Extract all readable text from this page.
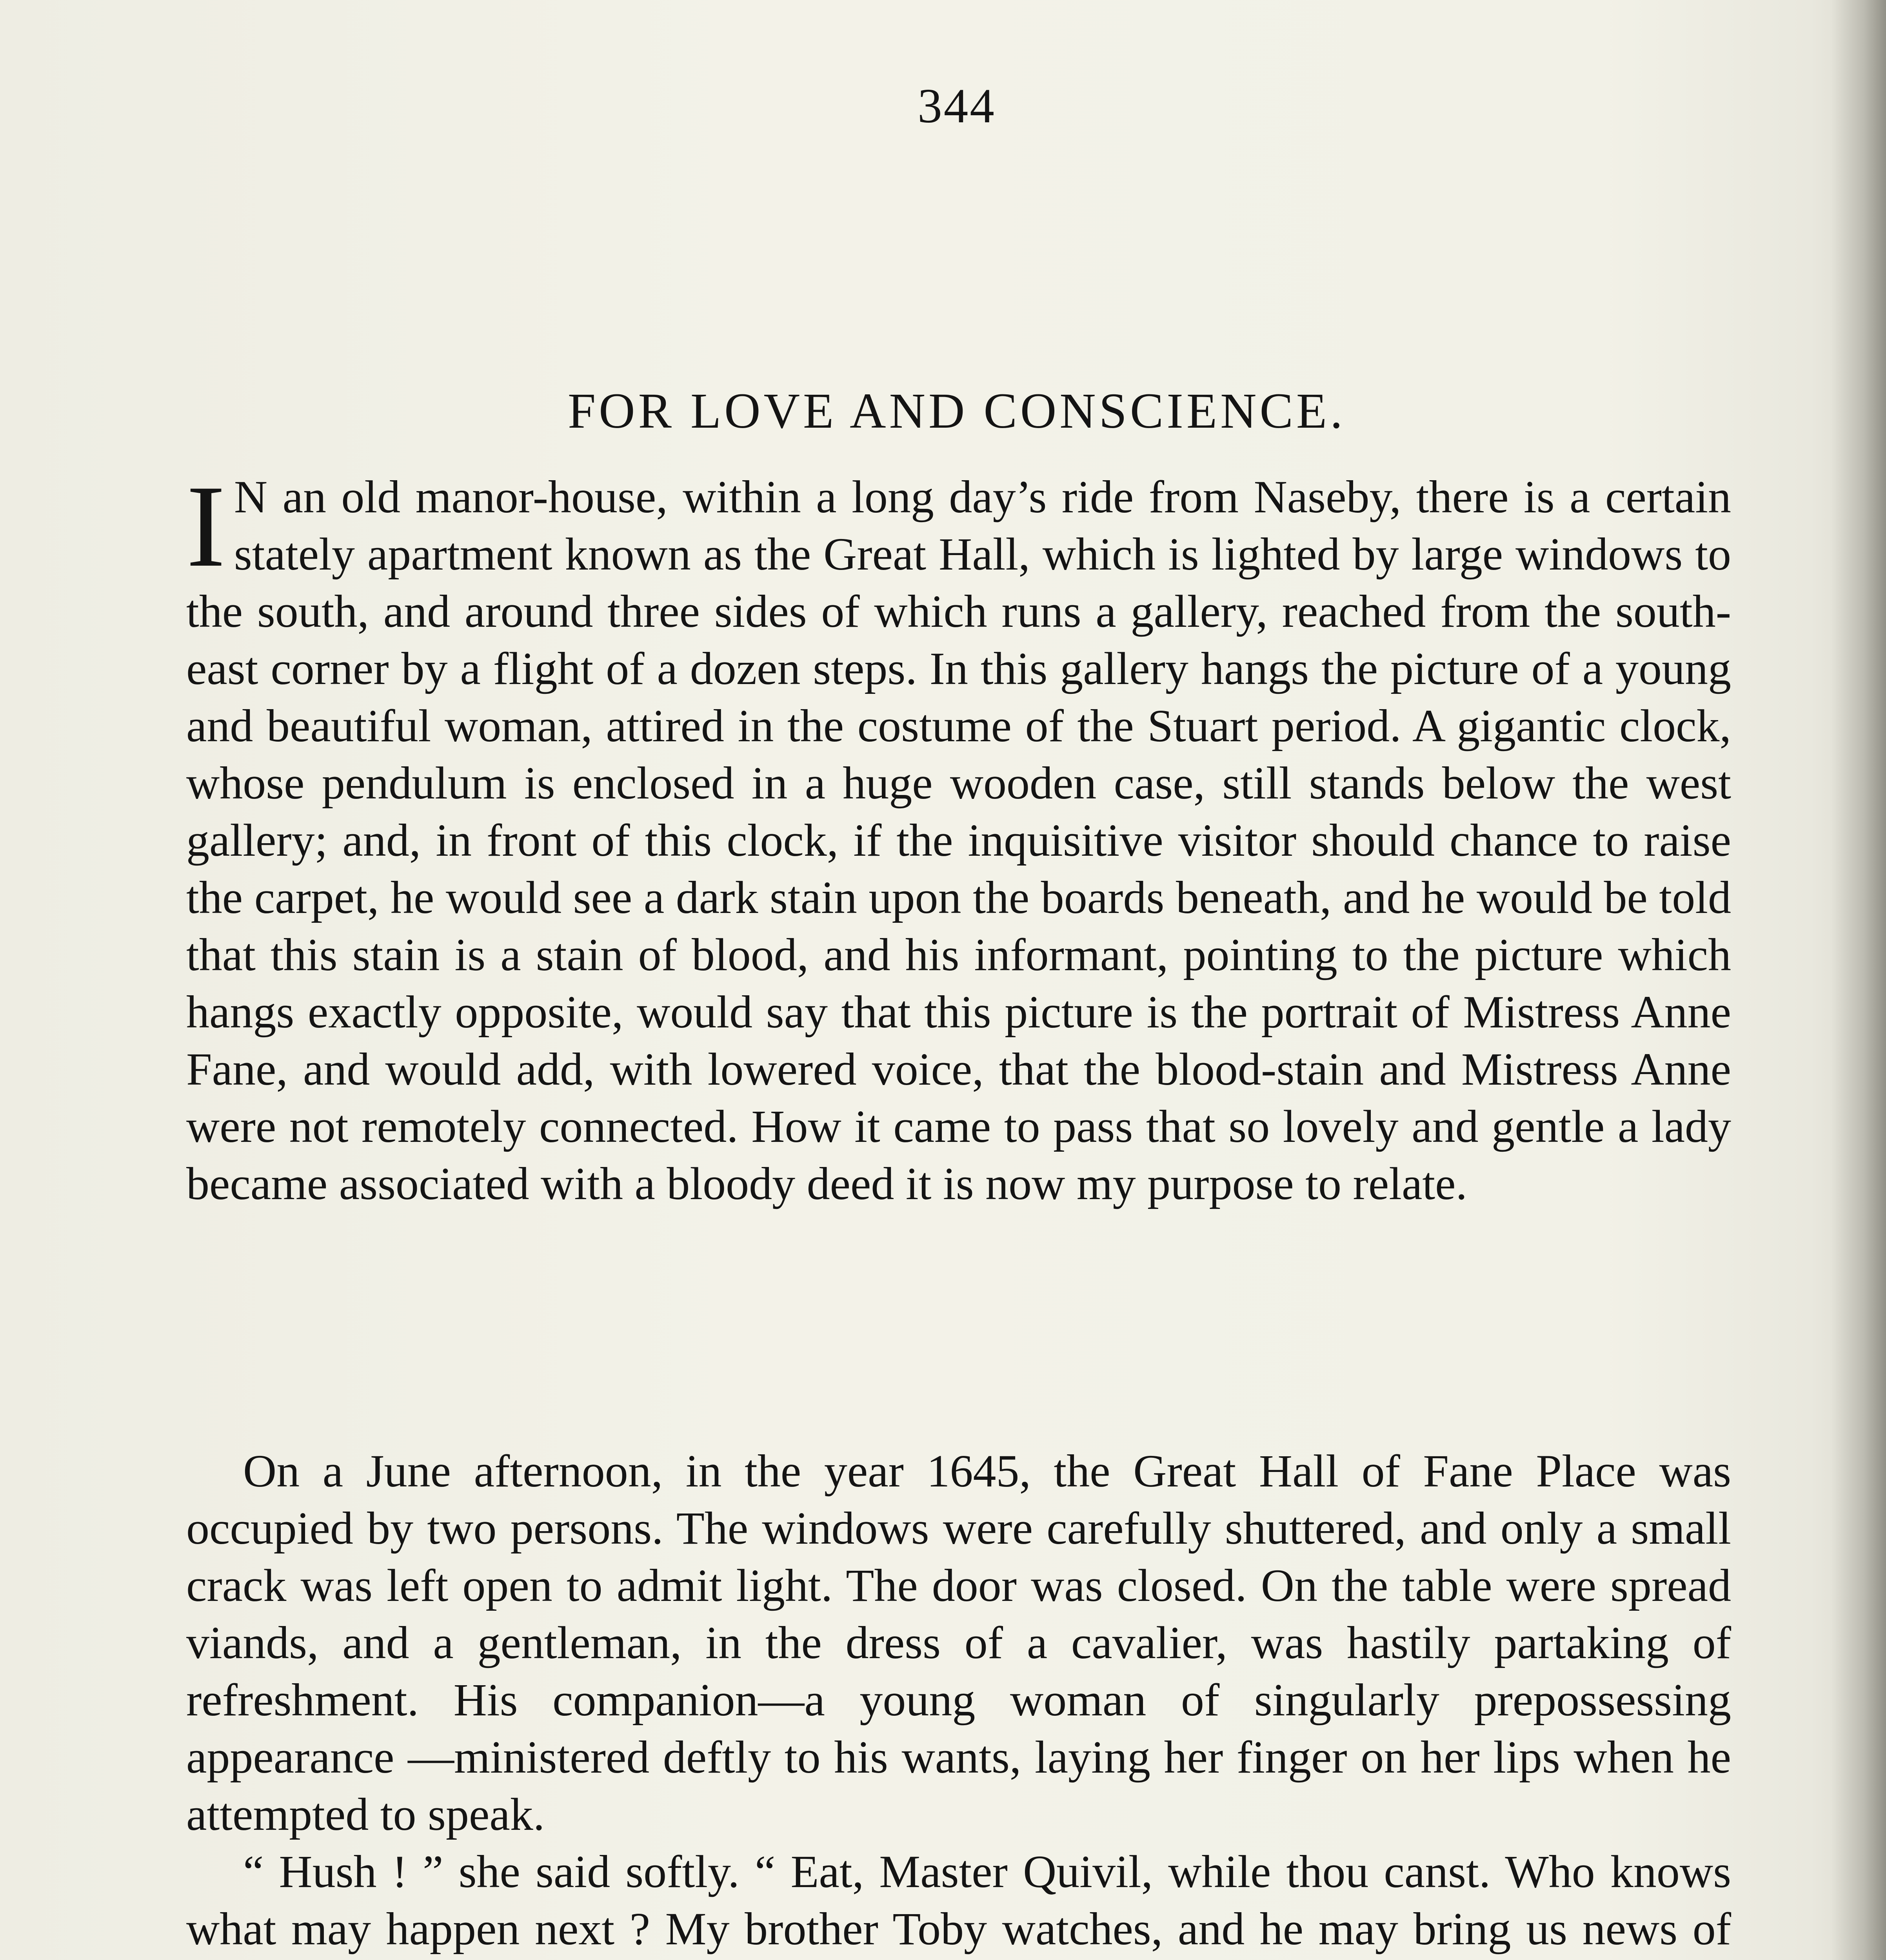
344
FOR LOVE AND CONSCIENCE.

I N an old manor-house, within a long day’s ride from Naseby, there is a certain stately apartment known as the Great Hall, which is lighted by large windows to the south, and around three sides of which runs a gallery, reached from the south-east corner by a flight of a dozen steps. In this gallery hangs the picture of a young and beautiful woman, attired in the costume of the Stuart period. A gigantic clock, whose pendulum is enclosed in a huge wooden case, still stands below the west gallery; and, in front of this clock, if the inquisitive visitor should chance to raise the carpet, he would see a dark stain upon the boards beneath, and he would be told that this stain is a stain of blood, and his informant, pointing to the picture which hangs exactly opposite, would say that this picture is the portrait of Mistress Anne Fane, and would add, with lowered voice, that the blood-stain and Mistress Anne were not remotely connected. How it came to pass that so lovely and gentle a lady became associated with a bloody deed it is now my purpose to relate.

On a June afternoon, in the year 1645, the Great Hall of Fane Place was occupied by two persons. The windows were carefully shuttered, and only a small crack was left open to admit light. The door was closed. On the table were spread viands, and a gentleman, in the dress of a cavalier, was hastily partaking of refreshment. His companion—a young woman of singularly prepossessing appearance —ministered deftly to his wants, laying her finger on her lips when he attempted to speak.

“ Hush ! ” she said softly. “ Eat, Master Quivil, while thou canst. Who knows what may happen next ? My brother Toby watches, and he may bring us news of
